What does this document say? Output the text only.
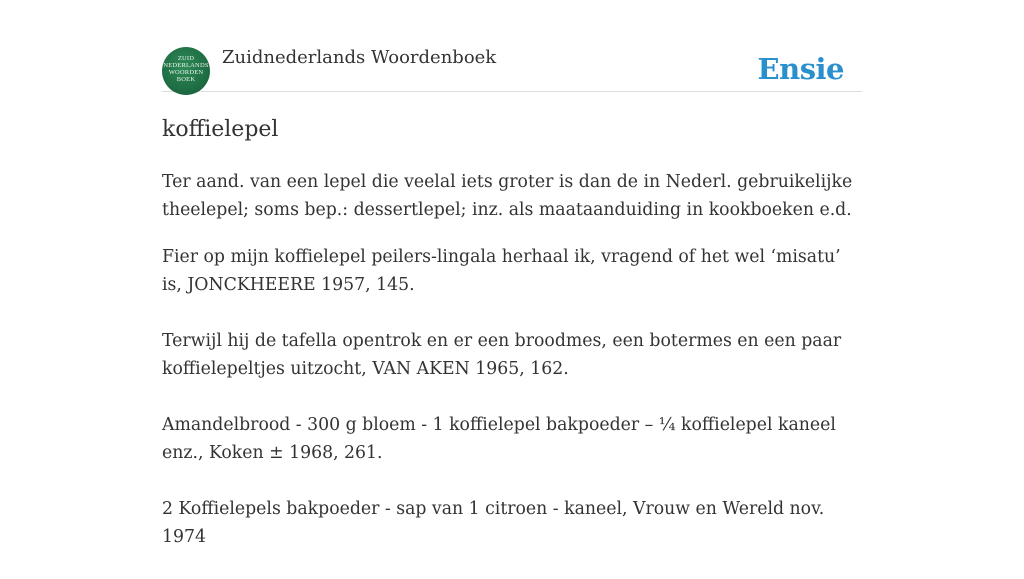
ZUID
NEDERLANDS
WOORDEN
BOEK
Zuidnederlands Woordenboek	Ensie
koffielepel

Ter aand. van een lepel die veelal iets groter is dan de in Nederl. gebruikelijke theelepel; soms bep.: dessertlepel; inz. als maataanduiding in kookboeken e.d.

Fier op mijn koffielepel peilers-lingala herhaal ik, vragend of het wel ‘misatu’ is, JONCKHEERE 1957, 145.

Terwijl hij de tafella opentrok en er een broodmes, een botermes en een paar koffielepeltjes uitzocht, VAN AKEN 1965, 162.

Amandelbrood - 300 g bloem - 1 koffielepel bakpoeder – ¼ koffielepel kaneel enz., Koken ± 1968, 261.

2 Koffielepels bakpoeder - sap van 1 citroen - kaneel, Vrouw en Wereld nov. 1974
